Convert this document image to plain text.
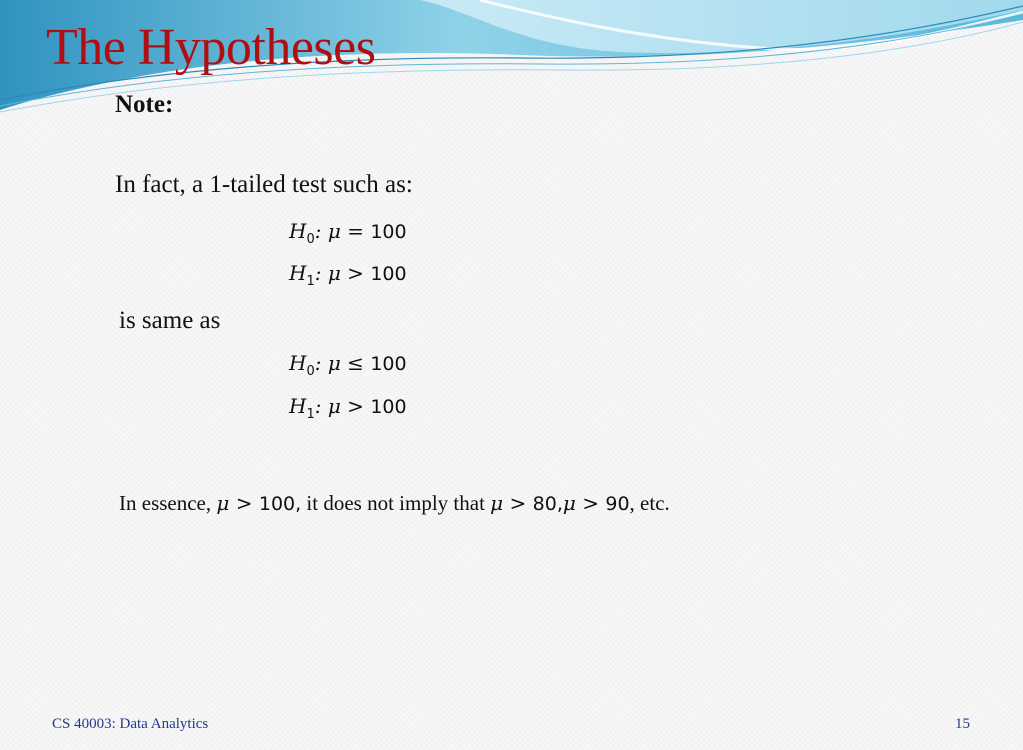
The Hypotheses
Note:
In fact, a 1-tailed test such as:
$H_0$: μ = 100
$H_1$: μ > 100
is same as
$H_0$: μ ≤ 100
$H_1$: μ > 100
In essence, μ > 100, it does not imply that μ > 80,μ > 90, etc.
CS 40003: Data Analytics	15
